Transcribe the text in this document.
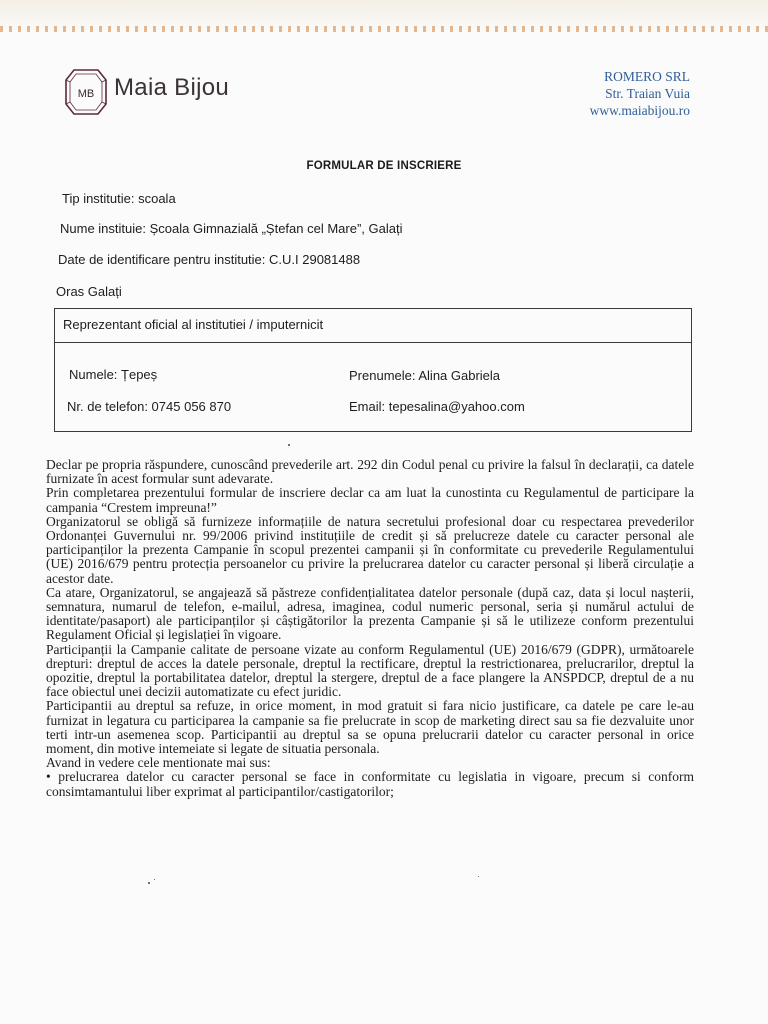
MB Maia Bijou	ROMERO SRL
Str. Traian Vuia
www.maiabijou.ro
FORMULAR DE INSCRIERE
Tip institutie: scoala
Nume instituie: Școala Gimnazială „Ștefan cel Mare”, Galați
Date de identificare pentru institutie: C.U.I 29081488
Oras Galați
Reprezentant oficial al institutiei / imputernicit
Numele: Țepeș	Prenumele: Alina Gabriela
Nr. de telefon: 0745 056 870	Email: tepesalina@yahoo.com

Declar pe propria răspundere, cunoscând prevederile art. 292 din Codul penal cu privire la falsul în declarații, ca datele furnizate în acest formular sunt adevarate.

Prin completarea prezentului formular de inscriere declar ca am luat la cunostinta cu Regulamentul de participare la campania “Crestem impreuna!”

Organizatorul se obligă să furnizeze informațiile de natura secretului profesional doar cu respectarea prevederilor Ordonanței Guvernului nr. 99/2006 privind instituțiile de credit și să prelucreze datele cu caracter personal ale participanților la prezenta Campanie în scopul prezentei campanii și în conformitate cu prevederile Regulamentului (UE) 2016/679 pentru protecția persoanelor cu privire la prelucrarea datelor cu caracter personal și liberă circulație a acestor date.

Ca atare, Organizatorul, se angajează să păstreze confidențialitatea datelor personale (după caz, data și locul nașterii, semnatura, numarul de telefon, e-mailul, adresa, imaginea, codul numeric personal, seria și numărul actului de identitate/pasaport) ale participanților și câștigătorilor la prezenta Campanie și să le utilizeze conform prezentului Regulament Oficial și legislației în vigoare.

Participanții la Campanie calitate de persoane vizate au conform Regulamentul (UE) 2016/679 (GDPR), următoarele drepturi: dreptul de acces la datele personale, dreptul la rectificare, dreptul la restrictionarea, prelucrarilor, dreptul la opozitie, dreptul la portabilitatea datelor, dreptul la stergere, dreptul de a face plangere la ANSPDCP, dreptul de a nu face obiectul unei decizii automatizate cu efect juridic.

Participantii au dreptul sa refuze, in orice moment, in mod gratuit si fara nicio justificare, ca datele pe care le-au furnizat in legatura cu participarea la campanie sa fie prelucrate in scop de marketing direct sau sa fie dezvaluite unor terti intr-un asemenea scop. Participantii au dreptul sa se opuna prelucrarii datelor cu caracter personal in orice moment, din motive intemeiate si legate de situatia personala.

Avand in vedere cele mentionate mai sus:

• prelucrarea datelor cu caracter personal se face in conformitate cu legislatia in vigoare, precum si conform consimtamantului liber exprimat al participantilor/castigatorilor;
